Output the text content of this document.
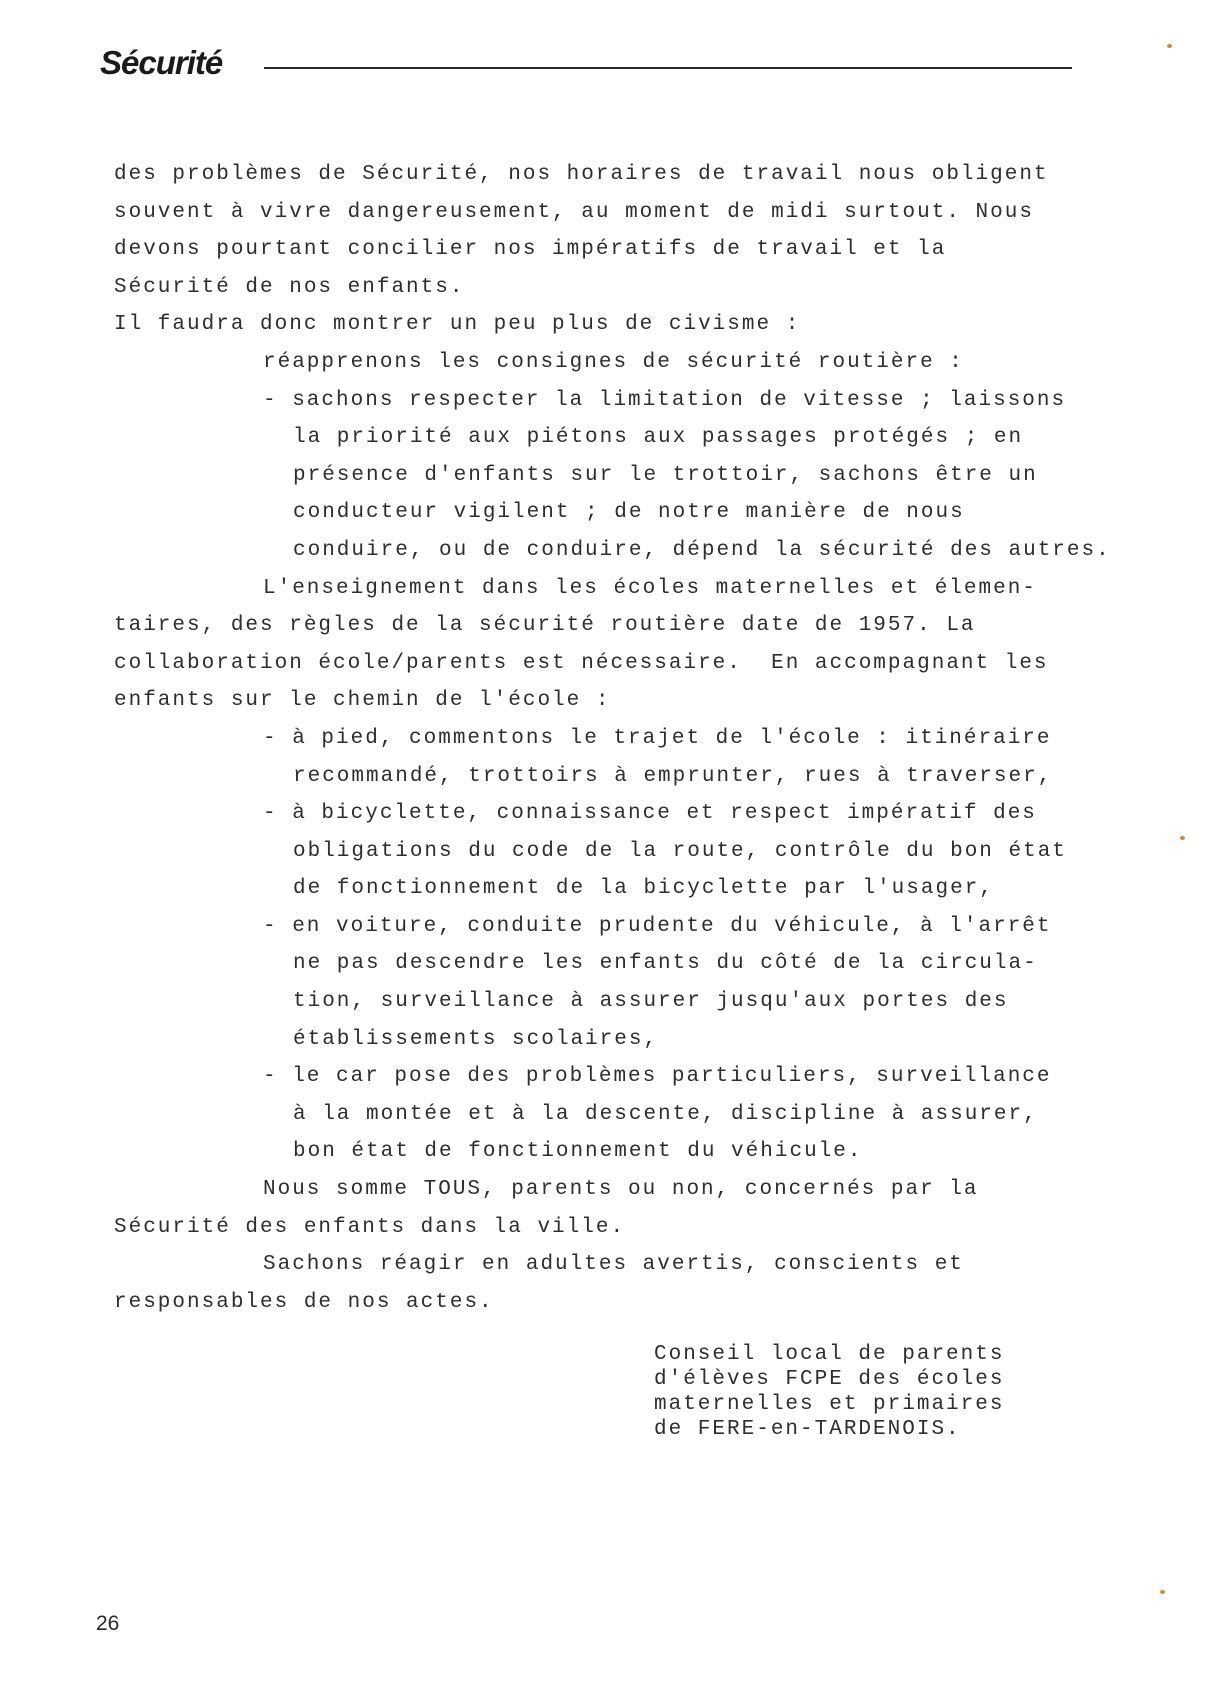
Sécurité
des problèmes de Sécurité, nos horaires de travail nous obligent
souvent à vivre dangereusement, au moment de midi surtout. Nous
devons pourtant concilier nos impératifs de travail et la
Sécurité de nos enfants.
Il faudra donc montrer un peu plus de civisme :
réapprenons les consignes de sécurité routière :
- sachons respecter la limitation de vitesse ; laissons
la priorité aux piétons aux passages protégés ; en
présence d'enfants sur le trottoir, sachons être un
conducteur vigilent ; de notre manière de nous
conduire, ou de conduire, dépend la sécurité des autres.
L'enseignement dans les écoles maternelles et élemen-
taires, des règles de la sécurité routière date de 1957. La
collaboration école/parents est nécessaire.  En accompagnant les
enfants sur le chemin de l'école :
- à pied, commentons le trajet de l'école : itinéraire
recommandé, trottoirs à emprunter, rues à traverser,
- à bicyclette, connaissance et respect impératif des
obligations du code de la route, contrôle du bon état
de fonctionnement de la bicyclette par l'usager,
- en voiture, conduite prudente du véhicule, à l'arrêt
ne pas descendre les enfants du côté de la circula-
tion, surveillance à assurer jusqu'aux portes des
établissements scolaires,
- le car pose des problèmes particuliers, surveillance
à la montée et à la descente, discipline à assurer,
bon état de fonctionnement du véhicule.
Nous somme TOUS, parents ou non, concernés par la
Sécurité des enfants dans la ville.
Sachons réagir en adultes avertis, conscients et
responsables de nos actes.
Conseil local de parents
d'élèves FCPE des écoles
maternelles et primaires
de FERE-en-TARDENOIS.
26
